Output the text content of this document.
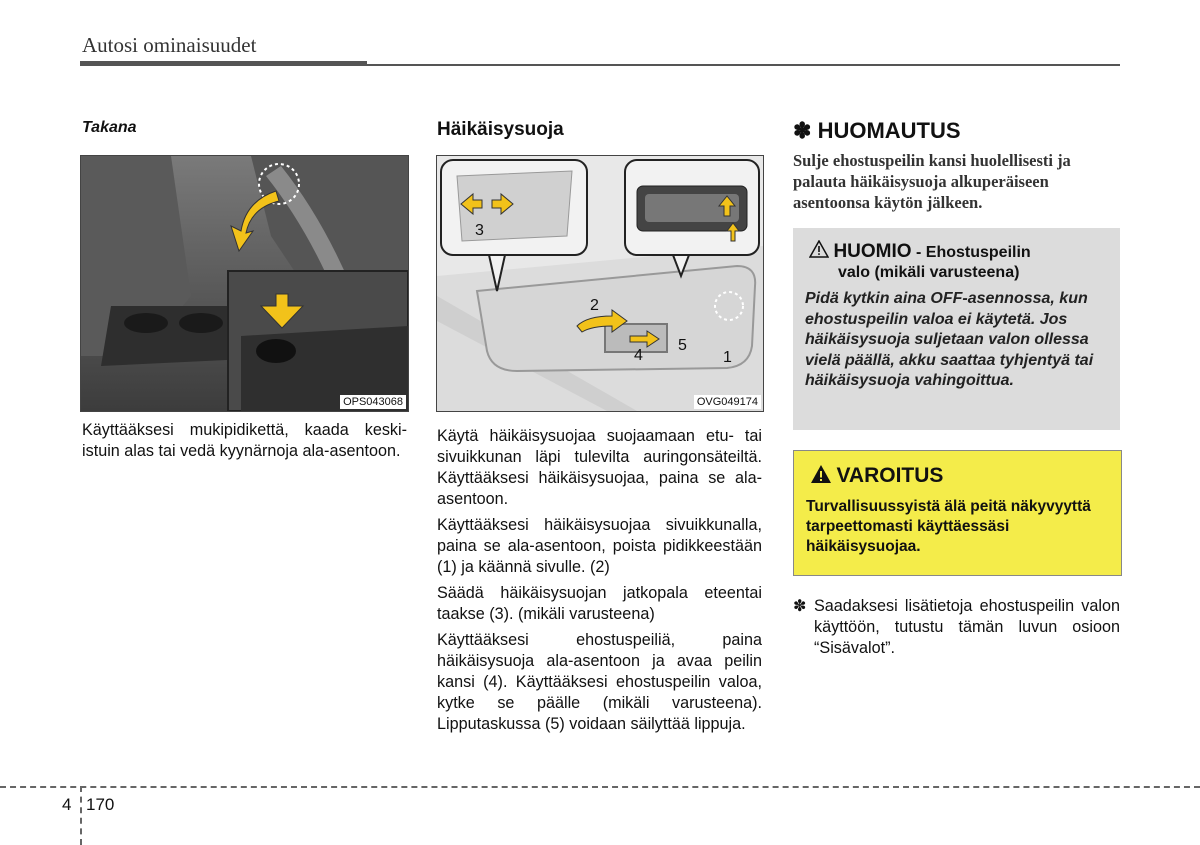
Autosi ominaisuudet
Takana
OPS043068

Käyttääksesi mukipidikettä, kaada keski-istuin alas tai vedä kyynärnoja ala-asentoon.

Häikäisysuoja
3
2
4
5
1
OVG049174

Käytä häikäisysuojaa suojaamaan etu- tai sivuikkunan läpi tulevilta auringonsäteiltä. Käyttääksesi häikäisysuojaa, paina se ala-asentoon.

Käyttääksesi häikäisysuojaa sivuikkunalla, paina se ala-asentoon, poista pidikkeestään (1) ja käännä sivulle. (2)

Säädä häikäisysuojan jatkopala eteentai taakse (3). (mikäli varusteena)

Käyttääksesi ehostuspeiliä, paina häikäisysuoja ala-asentoon ja avaa peilin kansi (4). Käyttääksesi ehostuspeilin valoa, kytke se päälle (mikäli varusteena). Lipputaskussa (5) voidaan säilyttää lippuja.

✽ HUOMAUTUS
Sulje ehostuspeilin kansi huolellisesti ja palauta häikäisysuoja alkuperäiseen asentoonsa käytön jälkeen.
HUOMIO - Ehostuspeilin
valo (mikäli varusteena)
Pidä kytkin aina OFF-asennossa, kun ehostuspeilin valoa ei käytetä. Jos häikäisysuoja suljetaan valon ollessa vielä päällä, akku saattaa tyhjentyä tai häikäisysuoja vahingoittua.
VAROITUS
Turvallisuussyistä älä peitä näkyvyyttä tarpeettomasti käyttäessäsi häikäisysuojaa.
✽ Saadaksesi lisätietoja ehostuspeilin valon käyttöön, tutustu tämän luvun osioon “Sisävalot”.
4 170
